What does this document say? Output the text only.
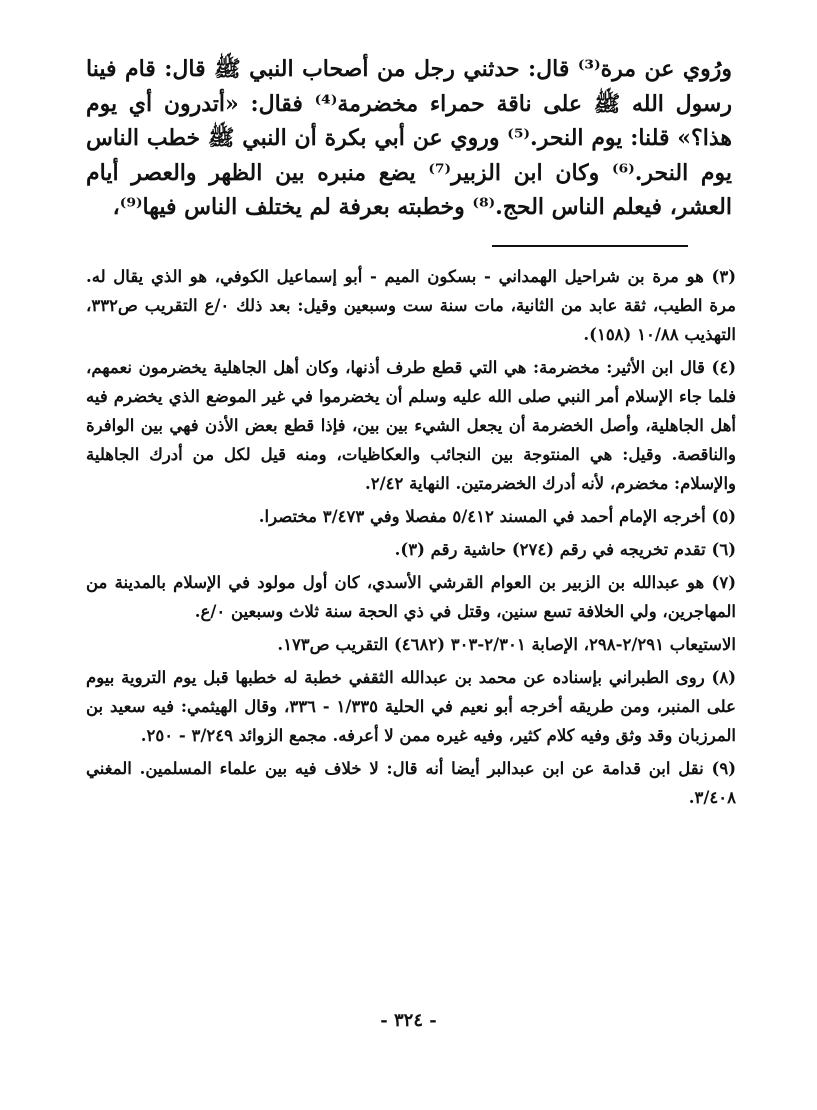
ورُوي عن مرة⁽³⁾ قال: حدثني رجل من أصحاب النبي ﷺ قال: قام فينا رسول الله ﷺ على ناقة حمراء مخضرمة⁽⁴⁾ فقال: «أتدرون أي يوم هذا؟» قلنا: يوم النحر.⁽⁵⁾ وروي عن أبي بكرة أن النبي ﷺ خطب الناس يوم النحر.⁽⁶⁾ وكان ابن الزبير⁽⁷⁾ يضع منبره بين الظهر والعصر أيام العشر، فيعلم الناس الحج.⁽⁸⁾ وخطبته بعرفة لم يختلف الناس فيها⁽⁹⁾،

(٣) هو مرة بن شراحيل الهمداني - بسكون الميم - أبو إسماعيل الكوفي، هو الذي يقال له. مرة الطيب، ثقة عابد من الثانية، مات سنة ست وسبعين وقيل: بعد ذلك ٠/ع التقريب ص٣٣٢، التهذيب ١٠/٨٨ (١٥٨).

(٤) قال ابن الأثير: مخضرمة: هي التي قطع طرف أذنها، وكان أهل الجاهلية يخضرمون نعمهم، فلما جاء الإسلام أمر النبي صلى الله عليه وسلم أن يخضرموا في غير الموضع الذي يخضرم فيه أهل الجاهلية، وأصل الخضرمة أن يجعل الشيء بين بين، فإذا قطع بعض الأذن فهي بين الوافرة والناقصة. وقيل: هي المنتوجة بين النجائب والعكاظيات، ومنه قيل لكل من أدرك الجاهلية والإسلام: مخضرم، لأنه أدرك الخضرمتين. النهاية ٢/٤٢.

(٥) أخرجه الإمام أحمد في المسند ٥/٤١٢ مفصلا وفي ٣/٤٧٣ مختصرا.

(٦) تقدم تخريجه في رقم (٢٧٤) حاشية رقم (٣).

(٧) هو عبدالله بن الزبير بن العوام القرشي الأسدي، كان أول مولود في الإسلام بالمدينة من المهاجرين، ولي الخلافة تسع سنين، وقتل في ذي الحجة سنة ثلاث وسبعين ٠/ع.

الاستيعاب ٢/٢٩١-٢٩٨، الإصابة ٢/٣٠١-٣٠٣ (٤٦٨٢) التقريب ص١٧٣.

(٨) روى الطبراني بإسناده عن محمد بن عبدالله الثقفي خطبة له خطبها قبل يوم التروية بيوم على المنبر، ومن طريقه أخرجه أبو نعيم في الحلية ١/٣٣٥ - ٣٣٦، وقال الهيثمي: فيه سعيد بن المرزبان وقد وثق وفيه كلام كثير، وفيه غيره ممن لا أعرفه. مجمع الزوائد ٣/٢٤٩ - ٢٥٠.

(٩) نقل ابن قدامة عن ابن عبدالبر أيضا أنه قال: لا خلاف فيه بين علماء المسلمين. المغني ٣/٤٠٨.

- ٣٢٤ -
